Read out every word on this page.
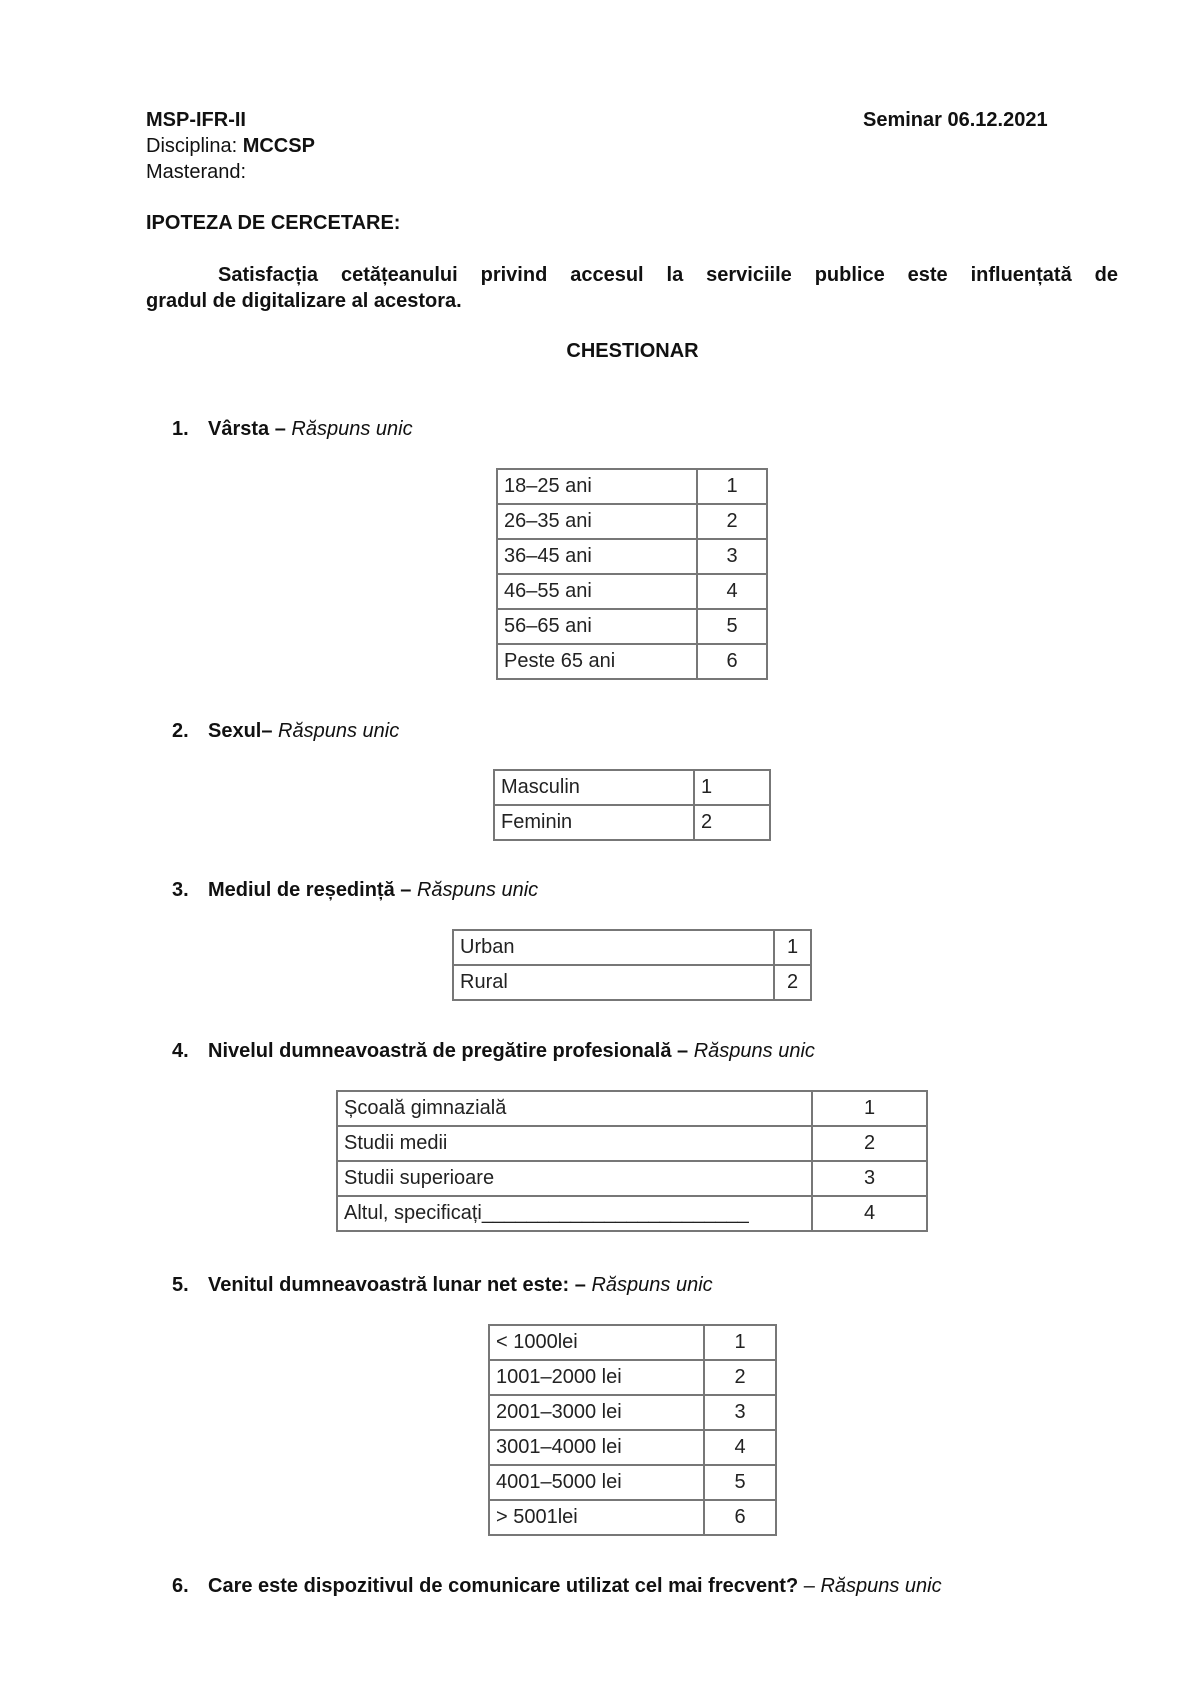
MSP-IFR-II	Seminar 06.12.2021
Disciplina: MCCSP
Masterand:
IPOTEZA DE CERCETARE:
Satisfacția cetățeanului privind accesul la serviciile publice este influențată de
gradul de digitalizare al acestora.
CHESTIONAR
1. Vârsta – Răspuns unic
18–25 ani	1
26–35 ani	2
36–45 ani	3
46–55 ani	4
56–65 ani	5
Peste 65 ani	6
2. Sexul– Răspuns unic
Masculin	1
Feminin	2
3. Mediul de reședință – Răspuns unic
Urban	1
Rural	2
4. Nivelul dumneavoastră de pregătire profesională – Răspuns unic
Școală gimnazială	1
Studii medii	2
Studii superioare	3
Altul, specificați________________________	4
5. Venitul dumneavoastră lunar net este: – Răspuns unic
< 1000lei	1
1001–2000 lei	2
2001–3000 lei	3
3001–4000 lei	4
4001–5000 lei	5
> 5001lei	6
6. Care este dispozitivul de comunicare utilizat cel mai frecvent? – Răspuns unic
